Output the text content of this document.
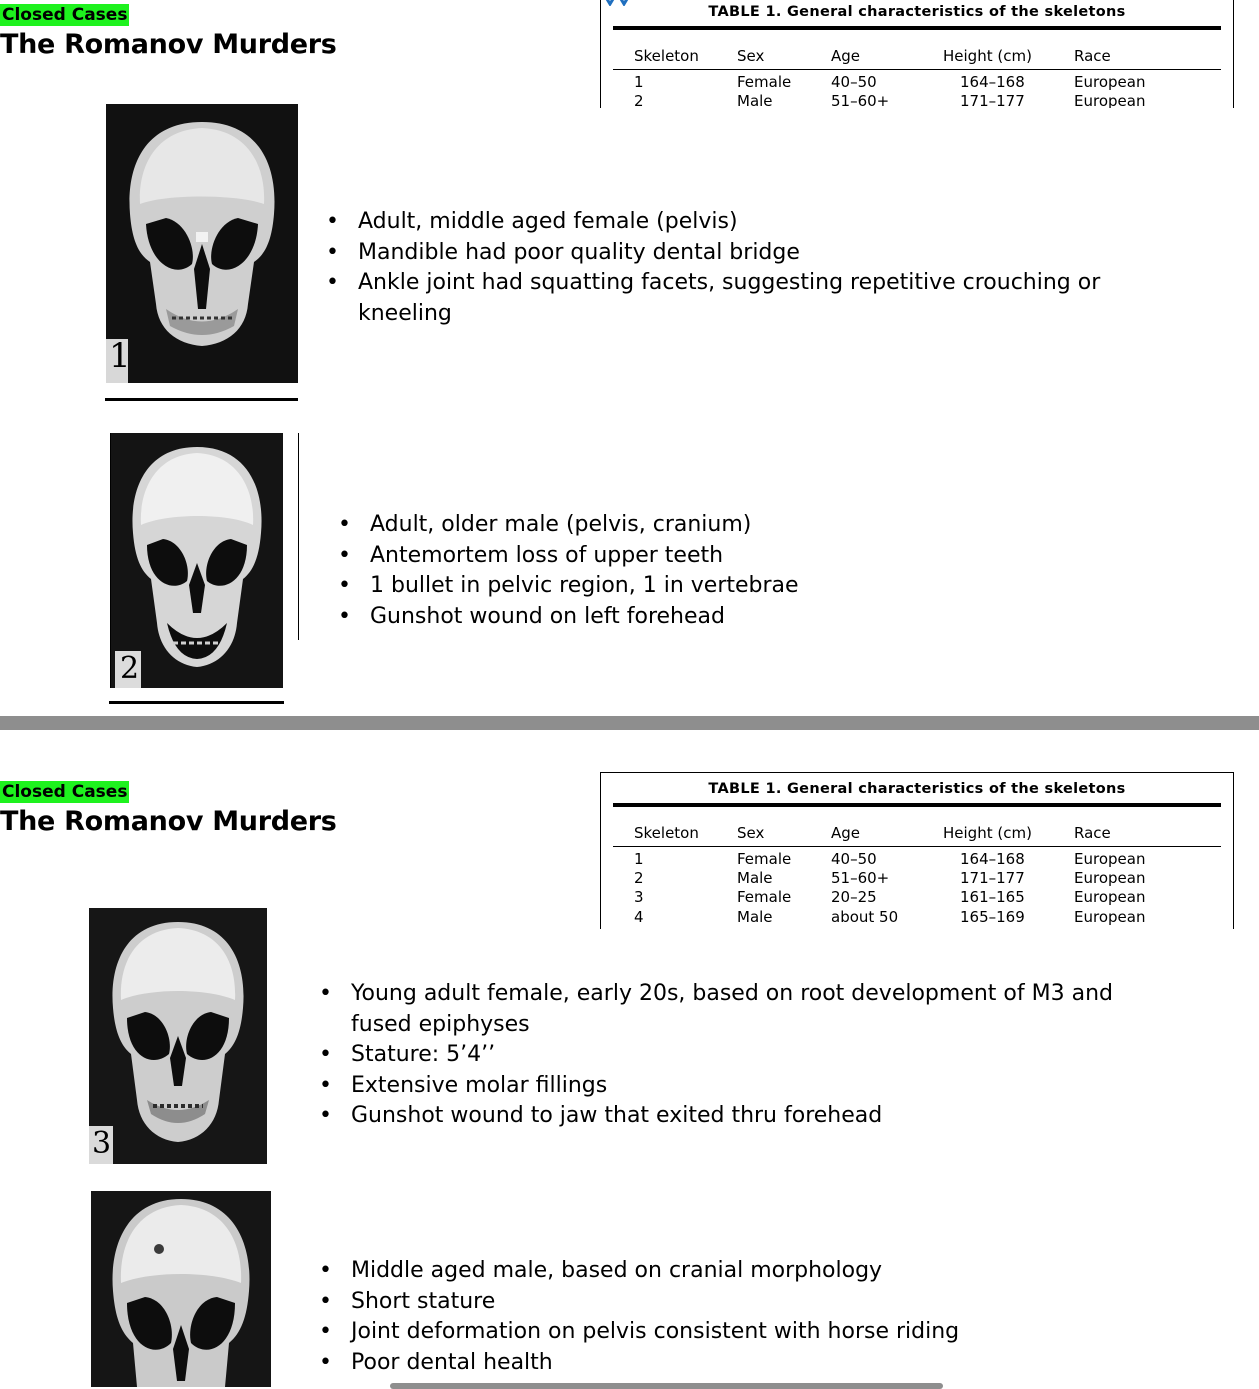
Closed Cases
The Romanov Murders
TABLE 1. General characteristics of the skeletons
Skeleton	Sex	Age	Height (cm)	Race
1	Female	40–50	164–168	European
2	Male	51–60+	171–177	European
1
• Adult, middle aged female (pelvis)
• Mandible had poor quality dental bridge
• Ankle joint had squatting facets, suggesting repetitive crouching or kneeling
2
• Adult, older male (pelvis, cranium)
• Antemortem loss of upper teeth
• 1 bullet in pelvic region, 1 in vertebrae
• Gunshot wound on left forehead
Closed Cases
The Romanov Murders
TABLE 1. General characteristics of the skeletons
Skeleton	Sex	Age	Height (cm)	Race
1	Female	40–50	164–168	European
2	Male	51–60+	171–177	European
3	Female	20–25	161–165	European
4	Male	about 50	165–169	European
3
• Young adult female, early 20s, based on root development of M3 and fused epiphyses
• Stature: 5’4’’
• Extensive molar fillings
• Gunshot wound to jaw that exited thru forehead
• Middle aged male, based on cranial morphology
• Short stature
• Joint deformation on pelvis consistent with horse riding
• Poor dental health
